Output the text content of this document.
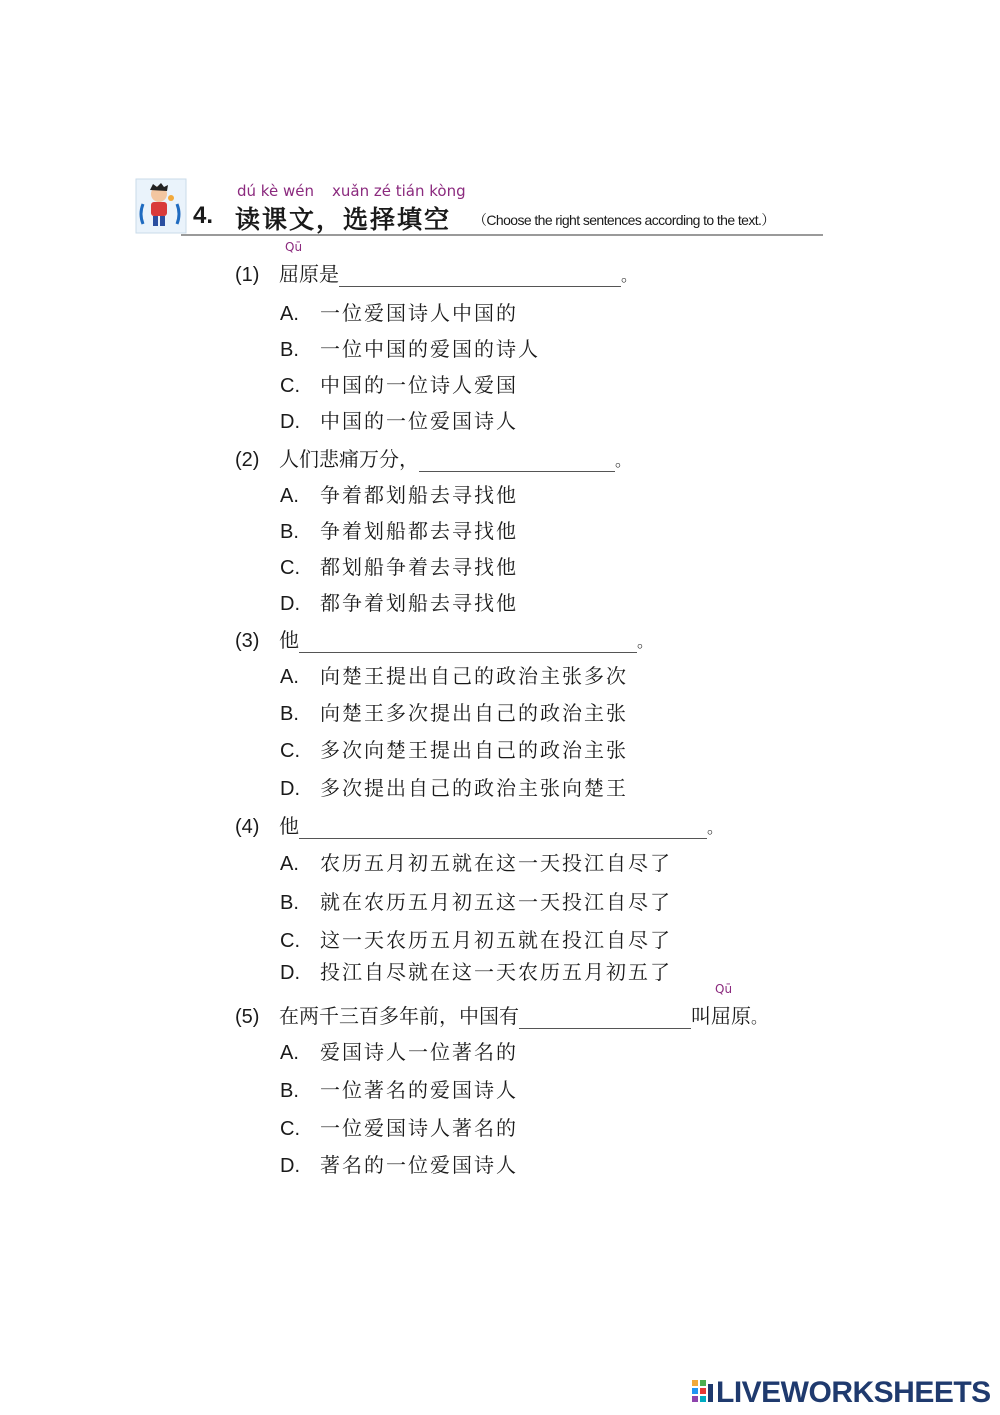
dú kè wén xuǎn zé tián kòng
4. 读课文，选择填空 （Choose the right sentences according to the text.）
(1)
Qū
屈原是	。
A. 一位爱国诗人中国的
B. 一位中国的爱国的诗人
C. 中国的一位诗人爱国
D. 中国的一位爱国诗人
(2) 人们悲痛万分，	。
A. 争着都划船去寻找他
B. 争着划船都去寻找他
C. 都划船争着去寻找他
D. 都争着划船去寻找他
(3) 他	。
A. 向楚王提出自己的政治主张多次
B. 向楚王多次提出自己的政治主张
C. 多次向楚王提出自己的政治主张
D. 多次提出自己的政治主张向楚王
(4) 他	。
A. 农历五月初五就在这一天投江自尽了
B. 就在农历五月初五这一天投江自尽了
C. 这一天农历五月初五就在投江自尽了
D. 投江自尽就在这一天农历五月初五了
(5) 在两千三百多年前，中国有	叫
Qū
屈原。
A. 爱国诗人一位著名的
B. 一位著名的爱国诗人
C. 一位爱国诗人著名的
D. 著名的一位爱国诗人
LIVEWORKSHEETS
